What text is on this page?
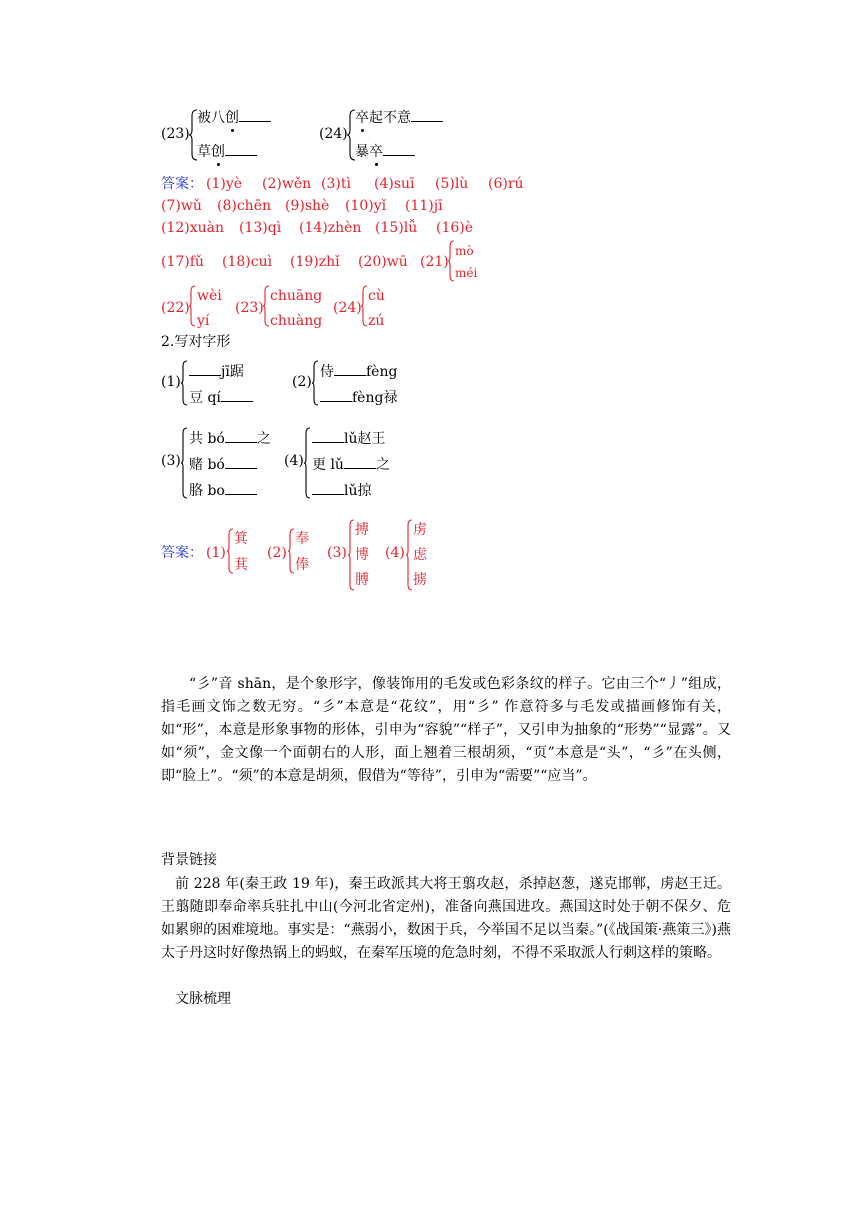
(23)
被八创
草创
(24)
卒起不意
暴卒
答案： (1)yè (2)wěn (3)tì (4)suī (5)lù (6)rú
(7)wǔ (8)chēn (9)shè (10)yǐ (11)jī
(12)xuàn (13)qì (14)zhèn (15)lǚ (16)è
(17)fǔ (18)cuì (19)zhǐ (20)wū (21)
mò
méi
(22)
wèi
yí
(23)
chuāng
chuàng
(24)
cù
zú
2.写对字形
(1)
jī踞
豆 qí
(2)
侍 fèng
fèng禄
(3)
共 bó 之
赌 bó
胳 bo
(4)
lǔ赵王
更 lǔ 之
lǔ掠
答案： (1)
箕
萁
(2)
奉
俸
(3)
搏
博
膊
(4)
虏
虑
掳
“彡”音 shān，是个象形字，像装饰用的毛发或色彩条纹的样子。它由三个“丿”组成，指毛画文饰之数无穷。“彡”本意是“花纹”，用“彡” 作意符多与毛发或描画修饰有关，如“形”，本意是形象事物的形体，引申为“容貌”“样子”，又引申为抽象的“形势”“显露”。又如“须”，金文像一个面朝右的人形，面上翘着三根胡须，“页”本意是“头”，“彡”在头侧，即“脸上”。“须”的本意是胡须，假借为“等待”，引申为“需要”“应当”。
背景链接
前 228 年(秦王政 19 年)，秦王政派其大将王翦攻赵，杀掉赵葱，遂克邯郸，虏赵王迁。王翦随即奉命率兵驻扎中山(今河北省定州)，准备向燕国进攻。燕国这时处于朝不保夕、危如累卵的困难境地。事实是：“燕弱小，数困于兵，今举国不足以当秦。”(《战国策·燕策三》)燕太子丹这时好像热锅上的蚂蚁，在秦军压境的危急时刻，不得不采取派人行刺这样的策略。
文脉梳理
